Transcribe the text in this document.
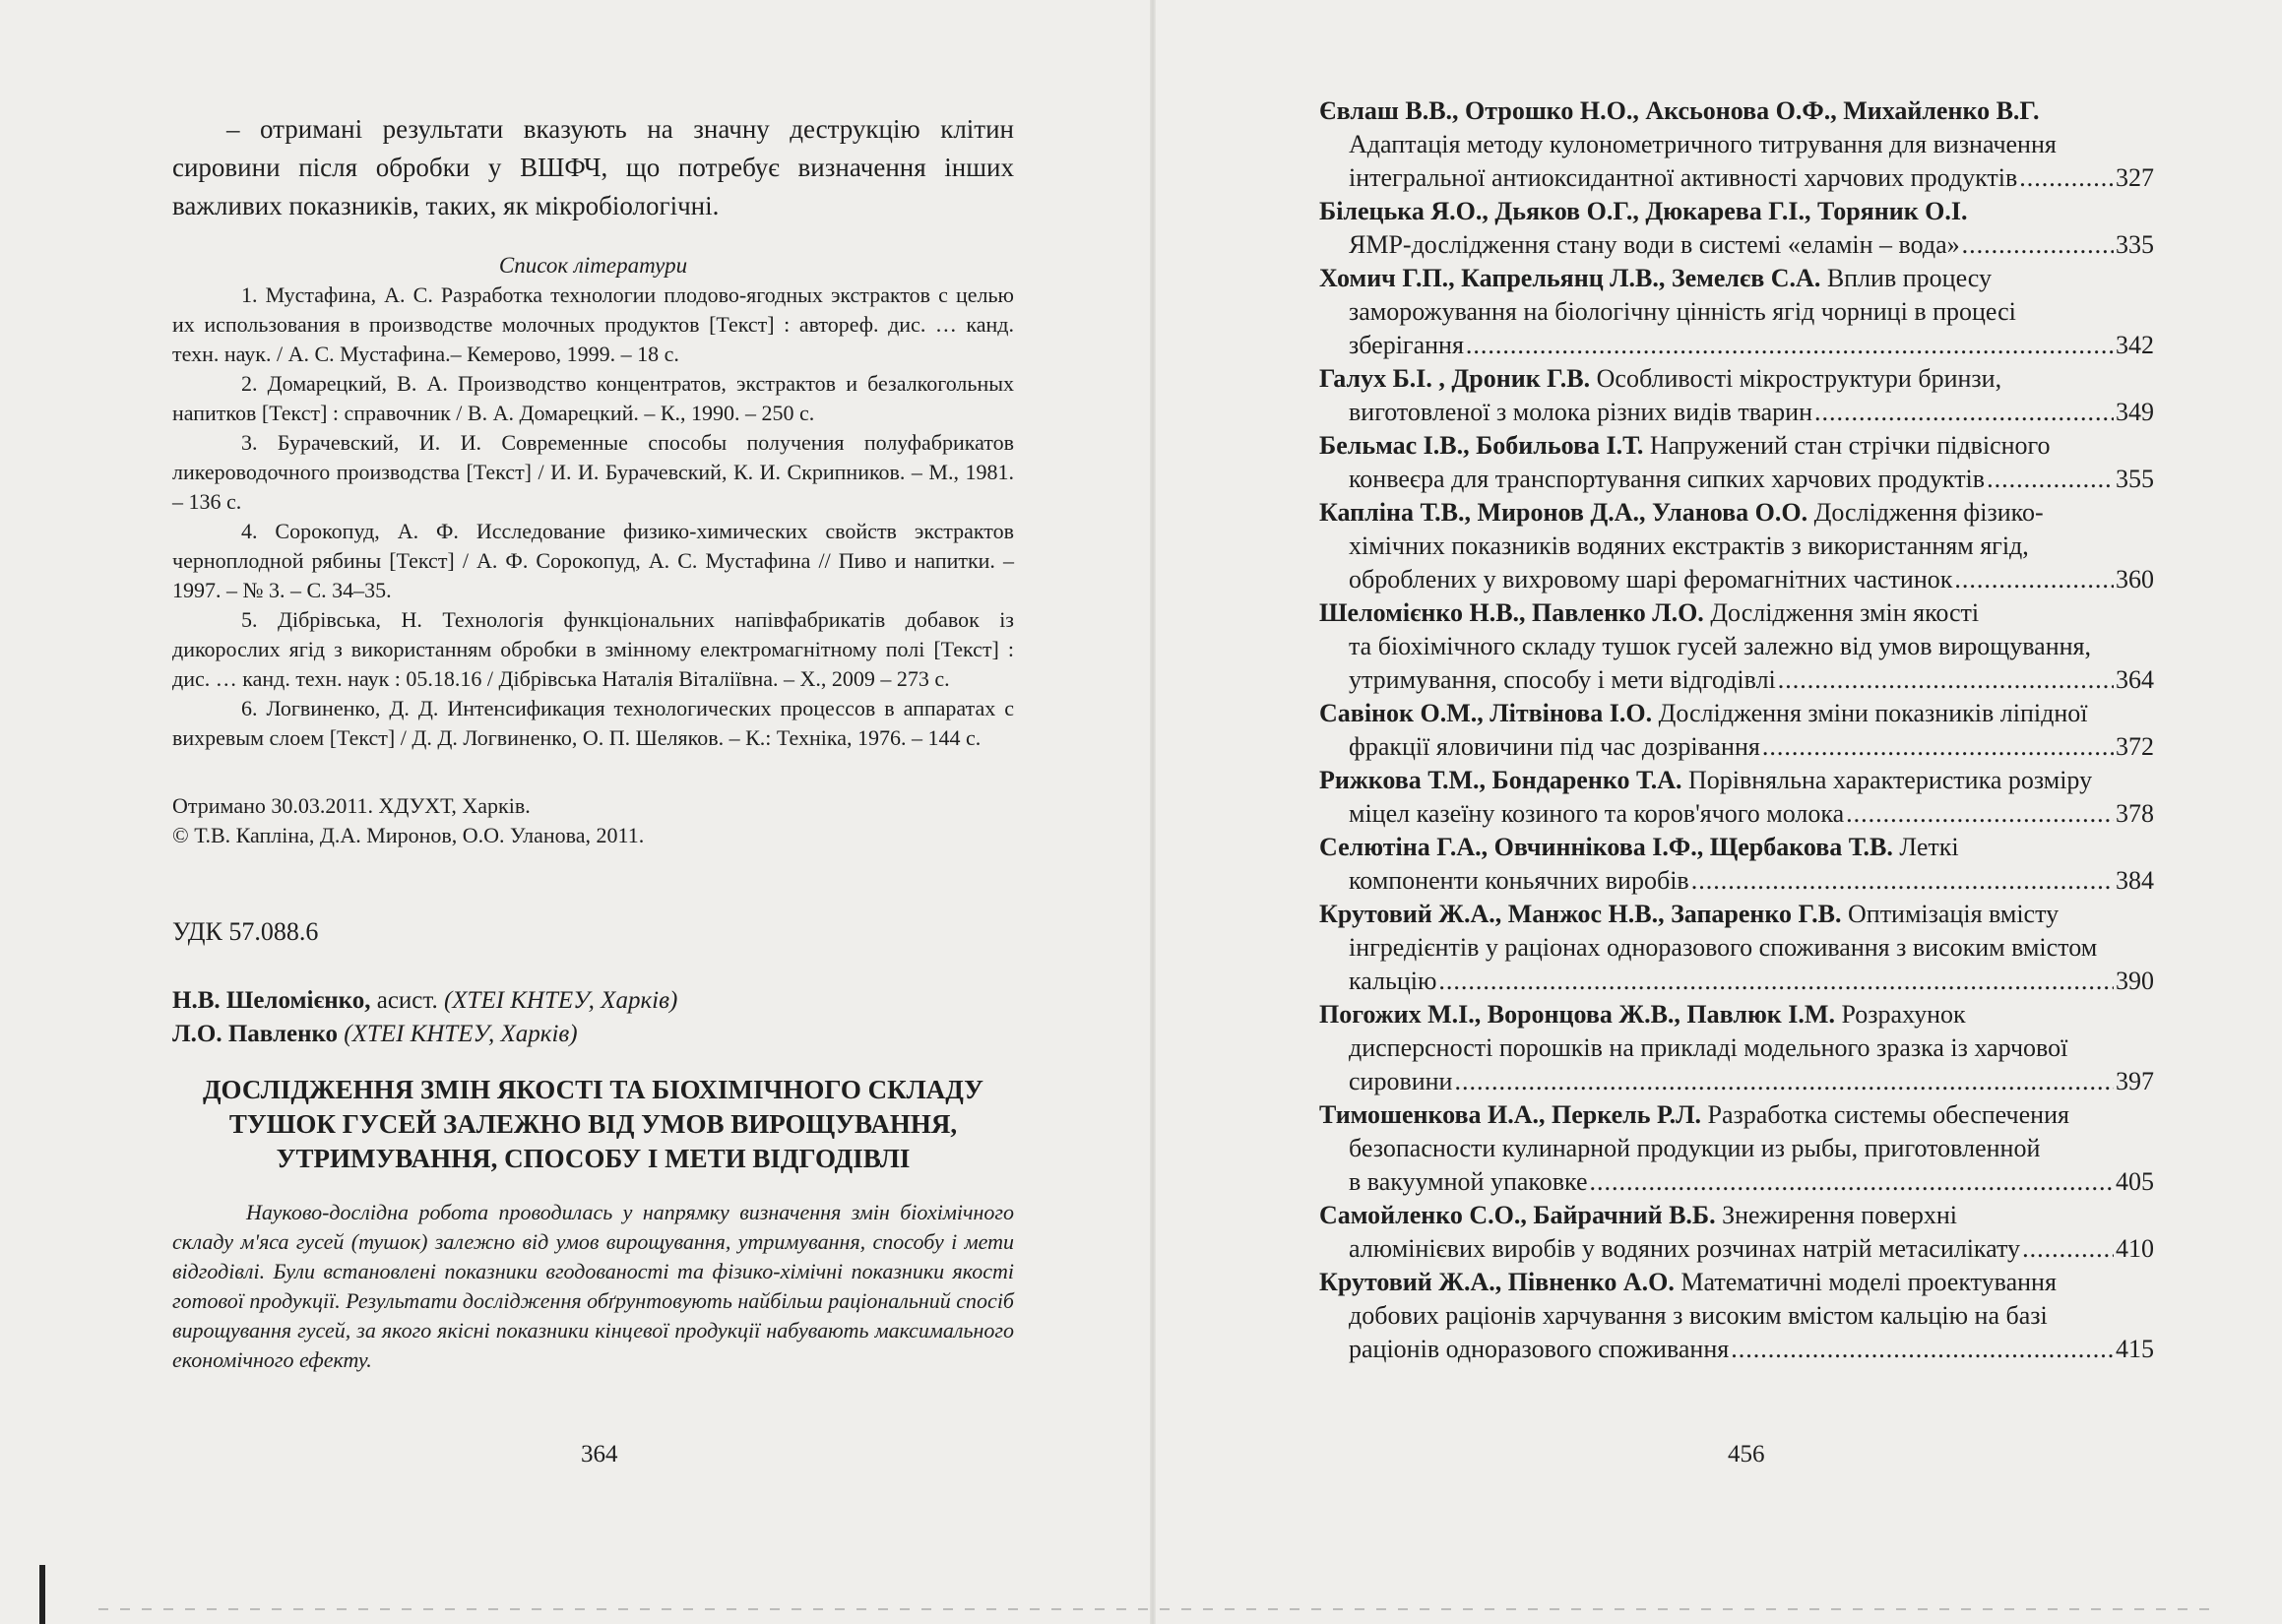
– отримані результати вказують на значну деструкцію клітин сировини після обробки у ВШФЧ, що потребує визначення інших важливих показників, таких, як мікробіологічні.

Список літератури

1. Мустафина, А. С. Разработка технологии плодово-ягодных экстрактов с целью их использования в производстве молочных продуктов [Текст] : автореф. дис. … канд. техн. наук. / А. С. Мустафина.– Кемерово, 1999. – 18 с.

2. Домарецкий, В. А. Производство концентратов, экстрактов и безалкогольных напитков [Текст] : справочник / В. А. Домарецкий. – К., 1990. – 250 с.

3. Бурачевский, И. И. Современные способы получения полуфабрикатов ликероводочного производства [Текст] / И. И. Бурачевский, К. И. Скрипников. – М., 1981. – 136 с.

4. Сорокопуд, А. Ф. Исследование физико-химических свойств экстрактов черноплодной рябины [Текст] / А. Ф. Сорокопуд, А. С. Мустафина // Пиво и напитки. – 1997. – № 3. – С. 34–35.

5. Дібрівська, Н. Технологія функціональних напівфабрикатів добавок із дикорослих ягід з використанням обробки в змінному електромагнітному полі [Текст] : дис. … канд. техн. наук : 05.18.16 / Дібрівська Наталія Віталіївна. – Х., 2009 – 273 с.

6. Логвиненко, Д. Д. Интенсификация технологических процессов в аппаратах с вихревым слоем [Текст] / Д. Д. Логвиненко, О. П. Шеляков. – К.: Техніка, 1976. – 144 с.

Отримано 30.03.2011. ХДУХТ, Харків.

© Т.В. Капліна, Д.А. Миронов, О.О. Уланова, 2011.

УДК 57.088.6

Н.В. Шеломієнко, асист. (ХТЕІ КНТЕУ, Харків)

Л.О. Павленко (ХТЕІ КНТЕУ, Харків)

ДОСЛІДЖЕННЯ ЗМІН ЯКОСТІ ТА БІОХІМІЧНОГО СКЛАДУ ТУШОК ГУСЕЙ ЗАЛЕЖНО ВІД УМОВ ВИРОЩУВАННЯ, УТРИМУВАННЯ, СПОСОБУ І МЕТИ ВІДГОДІВЛІ

Науково-дослідна робота проводилась у напрямку визначення змін біохімічного складу м'яса гусей (тушок) залежно від умов вирощування, утримування, способу і мети відгодівлі. Були встановлені показники вгодованості та фізико-хімічні показники якості готової продукції. Результати дослідження обґрунтовують найбільш раціональний спосіб вирощування гусей, за якого якісні показники кінцевої продукції набувають максимального економічного ефекту.

364
Євлаш В.В., Отрошко Н.О., Аксьонова О.Ф., Михайленко В.Г.
Адаптація методу кулонометричного титрування для визначення
інтегральної антиоксидантної активності харчових продуктів .....	327
Білецька Я.О., Дьяков О.Г., Дюкарева Г.І., Торяник О.І.
ЯМР-дослідження стану води в системі «еламін – вода» .....	335
Хомич Г.П., Капрельянц Л.В., Земелєв С.А. Вплив процесу
заморожування на біологічну цінність ягід чорниці в процесі
зберігання .....	342
Галух Б.І. , Дроник Г.В. Особливості мікроструктури бринзи,
виготовленої з молока різних видів тварин .....	349
Бельмас І.В., Бобильова І.Т. Напружений стан стрічки підвісного
конвеєра для транспортування сипких харчових продуктів .....	355
Капліна Т.В., Миронов Д.А., Уланова О.О. Дослідження фізико-
хімічних показників водяних екстрактів з використанням ягід,
оброблених у вихровому шарі феромагнітних частинок .....	360
Шеломієнко Н.В., Павленко Л.О. Дослідження змін якості
та біохімічного складу тушок гусей залежно від умов вирощування,
утримування, способу і мети відгодівлі .....	364
Савінок О.М., Літвінова І.О. Дослідження зміни показників ліпідної
фракції яловичини під час дозрівання .....	372
Рижкова Т.М., Бондаренко Т.А. Порівняльна характеристика розміру
міцел казеїну козиного та коров'ячого молока .....	378
Селютіна Г.А., Овчиннікова І.Ф., Щербакова Т.В. Леткі
компоненти коньячних виробів .....	384
Крутовий Ж.А., Манжос Н.В., Запаренко Г.В. Оптимізація вмісту
інгредієнтів у раціонах одноразового споживання з високим вмістом
кальцію .....	390
Погожих М.І., Воронцова Ж.В., Павлюк І.М. Розрахунок
дисперсності порошків на прикладі модельного зразка із харчової
сировини .....	397
Тимошенкова И.А., Перкель Р.Л. Разработка системы обеспечения
безопасности кулинарной продукции из рыбы, приготовленной
в вакуумной упаковке .....	405
Самойленко С.О., Байрачний В.Б. Знежирення поверхні
алюмінієвих виробів у водяних розчинах натрій метасилікату .....	410
Крутовий Ж.А., Півненко А.О. Математичні моделі проектування
добових раціонів харчування з високим вмістом кальцію на базі
раціонів одноразового споживання .....	415
456
